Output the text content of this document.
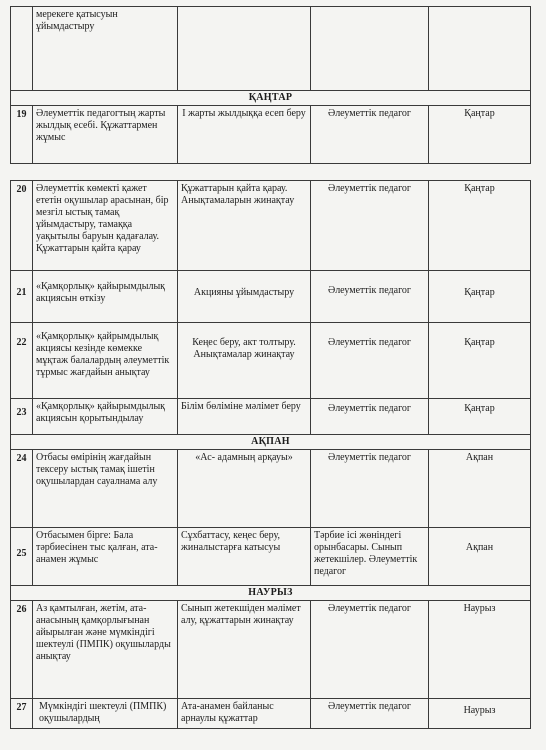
	мерекеге қатысуын ұйымдастыру			
ҚАҢТАР				
19	Әлеуметтік педагогтың жарты жылдық есебі. Құжаттармен жұмыс	І жарты жылдыққа есеп беру	Әлеуметтік педагог	Қаңтар
20	Әлеуметтік көмекті қажет ететін оқушылар арасынан, бір мезгіл ыстық тамақ ұйымдастыру, тамаққа уақытылы баруын қадағалау. Құжаттарын қайта қарау	Құжаттарын қайта қарау. Анықтамаларын жинақтау	Әлеуметтік педагог	Қаңтар
21	«Қамқорлық» қайырымдылық акциясын өткізу	Акцияны ұйымдастыру	Әлеуметтік педагог	Қаңтар
22	«Қамқорлық» қайрымдылық акциясы кезінде көмекке мұқтаж балалардың әлеуметтік тұрмыс жағдайын анықтау	Кеңес беру, акт толтыру. Анықтамалар жинақтау	Әлеуметтік педагог	Қаңтар
23	«Қамқорлық» қайырымдылық акциясын қорытындылау	Білім бөліміне мәлімет беру	Әлеуметтік педагог	Қаңтар
АҚПАН				
24	Отбасы өмірінің жағдайын тексеру ыстық тамақ ішетін оқушылардан сауалнама алу	«Ас- адамның арқауы»	Әлеуметтік педагог	Ақпан
25	Отбасымен бірге: Бала тәрбиесінен тыс қалған, ата-анамен жұмыс	Сұхбаттасу, кеңес беру, жиналыстарға катысуы	Тәрбие ісі жөніндегі орынбасары. Сынып жетекшілер. Әлеуметтік педагог	Ақпан
НАУРЫЗ				
26	Аз қамтылған, жетім, ата-анасының қамқорлығынан айырылған және мүмкіндігі шектеулі (ПМПК) оқушыларды анықтау	Сынып жетекшіден мәлімет алу, құжаттарын жинақтау	Әлеуметтік педагог	Наурыз
27	Мүмкіндігі шектеулі (ПМПК) оқушылардың	Ата-анамен байланыс арнаулы құжаттар	Әлеуметтік педагог	Наурыз
